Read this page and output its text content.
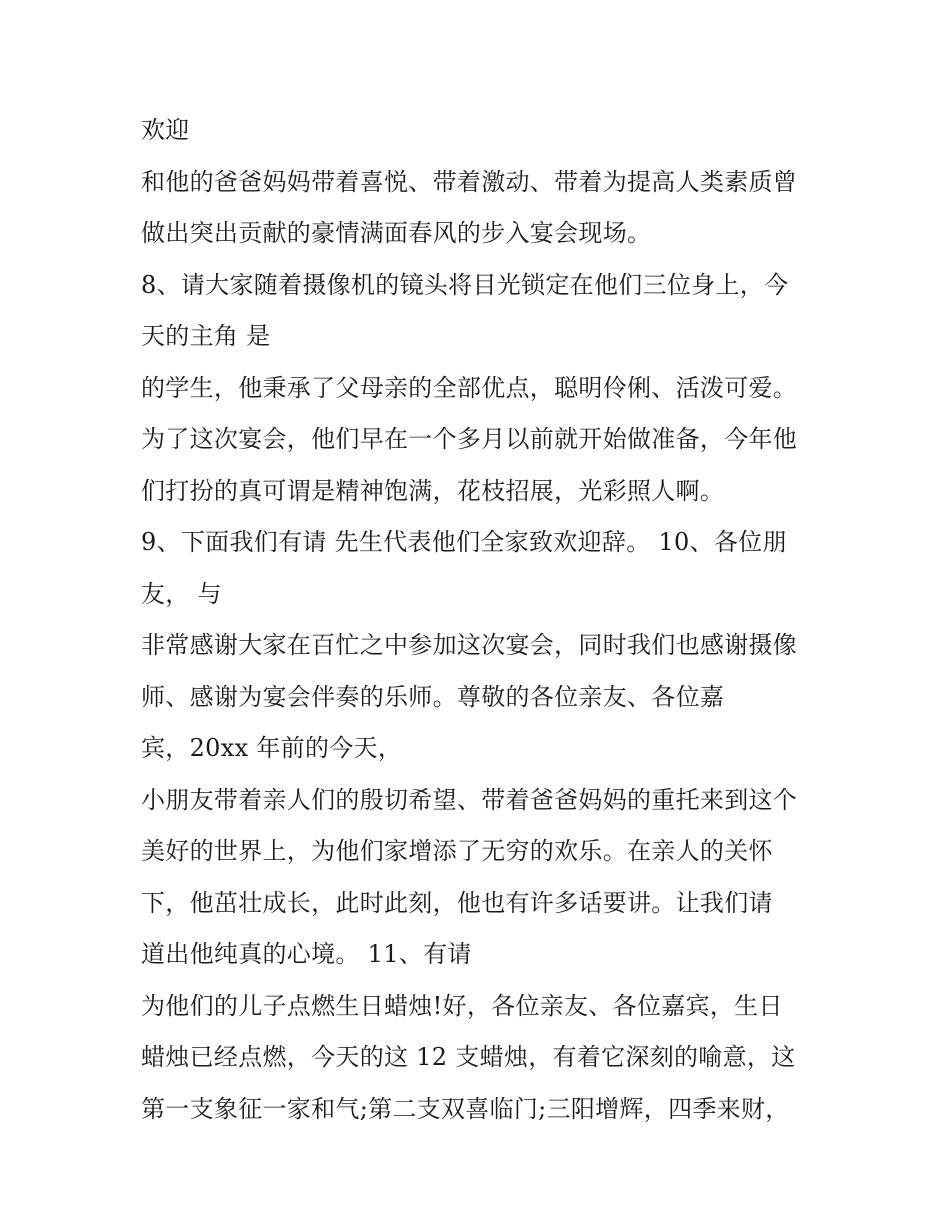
欢迎
和他的爸爸妈妈带着喜悦、带着激动、带着为提高人类素质曾
做出突出贡献的豪情满面春风的步入宴会现场。
8、请大家随着摄像机的镜头将目光锁定在他们三位身上，今
天的主角 是
的学生，他秉承了父母亲的全部优点，聪明伶俐、活泼可爱。
为了这次宴会，他们早在一个多月以前就开始做准备，今年他
们打扮的真可谓是精神饱满，花枝招展，光彩照人啊。
9、下面我们有请 先生代表他们全家致欢迎辞。 10、各位朋
友， 与
非常感谢大家在百忙之中参加这次宴会，同时我们也感谢摄像
师、感谢为宴会伴奏的乐师。尊敬的各位亲友、各位嘉
宾，20xx 年前的今天，
小朋友带着亲人们的殷切希望、带着爸爸妈妈的重托来到这个
美好的世界上，为他们家增添了无穷的欢乐。在亲人的关怀
下，他茁壮成长，此时此刻，他也有许多话要讲。让我们请
道出他纯真的心境。 11、有请
为他们的儿子点燃生日蜡烛!好，各位亲友、各位嘉宾，生日
蜡烛已经点燃，今天的这 12 支蜡烛，有着它深刻的喻意，这
第一支象征一家和气;第二支双喜临门;三阳增辉，四季来财，
